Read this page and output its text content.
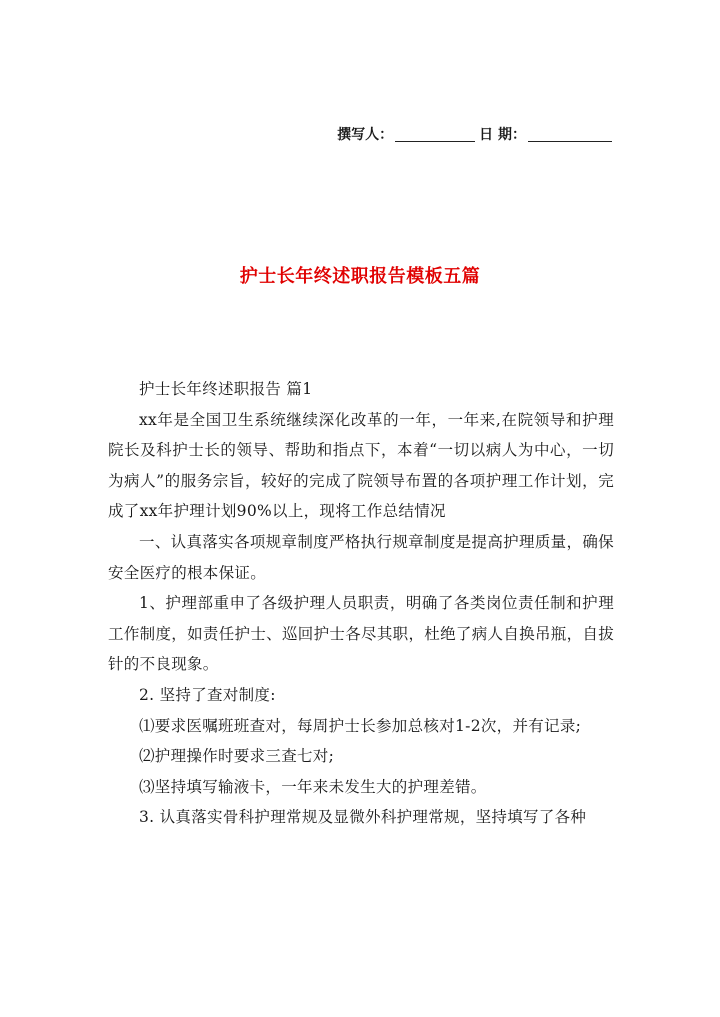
撰写人：	日 期：
护士长年终述职报告模板五篇

护士长年终述职报告 篇1

xx年是全国卫生系统继续深化改革的一年，一年来,在院领导和护理院长及科护士长的领导、帮助和指点下，本着“一切以病人为中心，一切为病人”的服务宗旨，较好的完成了院领导布置的各项护理工作计划，完成了xx年护理计划90%以上，现将工作总结情况

一、认真落实各项规章制度严格执行规章制度是提高护理质量，确保安全医疗的根本保证。

1、护理部重申了各级护理人员职责，明确了各类岗位责任制和护理工作制度，如责任护士、巡回护士各尽其职，杜绝了病人自换吊瓶，自拔针的不良现象。

2. 坚持了查对制度:

⑴要求医嘱班班查对，每周护士长参加总核对1-2次，并有记录;

⑵护理操作时要求三查七对;

⑶坚持填写输液卡，一年来未发生大的护理差错。

3. 认真落实骨科护理常规及显微外科护理常规，坚持填写了各种
